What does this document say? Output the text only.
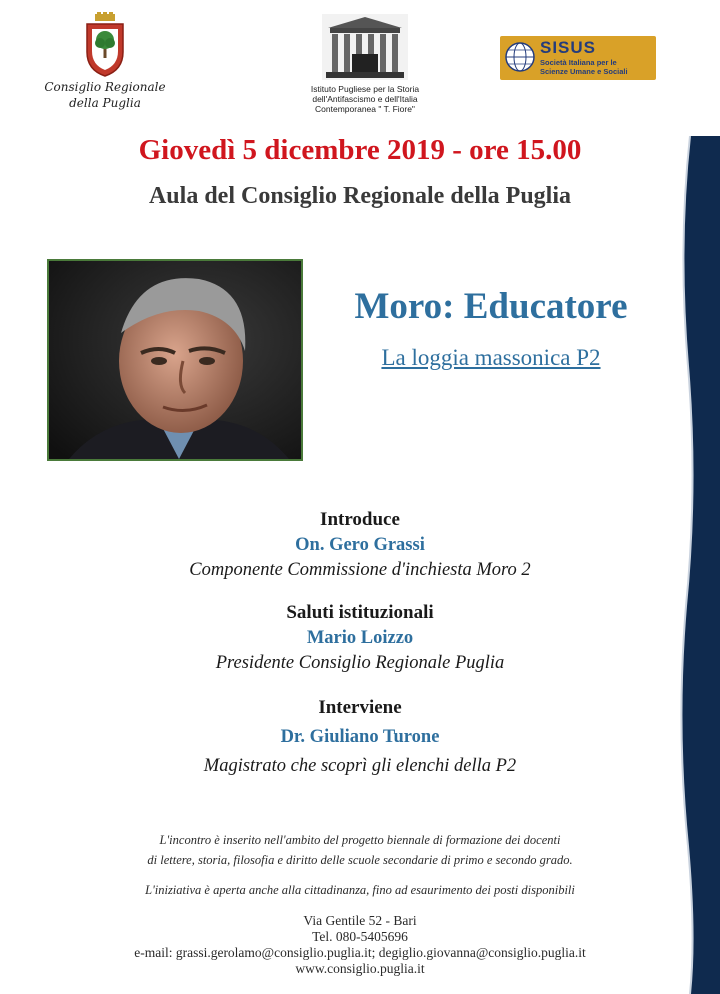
Consiglio Regionale
della Puglia
Istituto Pugliese per la Storia
dell'Antifascismo e dell'Italia
Contemporanea " T. Fiore"
SISUS
Società Italiana per le
Scienze Umane e Sociali
Giovedì 5 dicembre 2019 - ore 15.00
Aula del Consiglio Regionale della Puglia
Moro: Educatore
La loggia massonica P2
Introduce
On. Gero Grassi
Componente Commissione d'inchiesta Moro 2
Saluti istituzionali
Mario Loizzo
Presidente Consiglio Regionale Puglia
Interviene
Dr. Giuliano Turone
Magistrato che scoprì gli elenchi della P2
L'incontro è inserito nell'ambito del progetto biennale di formazione dei docenti
di lettere, storia, filosofia e diritto delle scuole secondarie di primo e secondo grado.
L'iniziativa è aperta anche alla cittadinanza, fino ad esaurimento dei posti disponibili
Via Gentile 52 - Bari
Tel. 080-5405696
e-mail: grassi.gerolamo@consiglio.puglia.it; degiglio.giovanna@consiglio.puglia.it
www.consiglio.puglia.it
